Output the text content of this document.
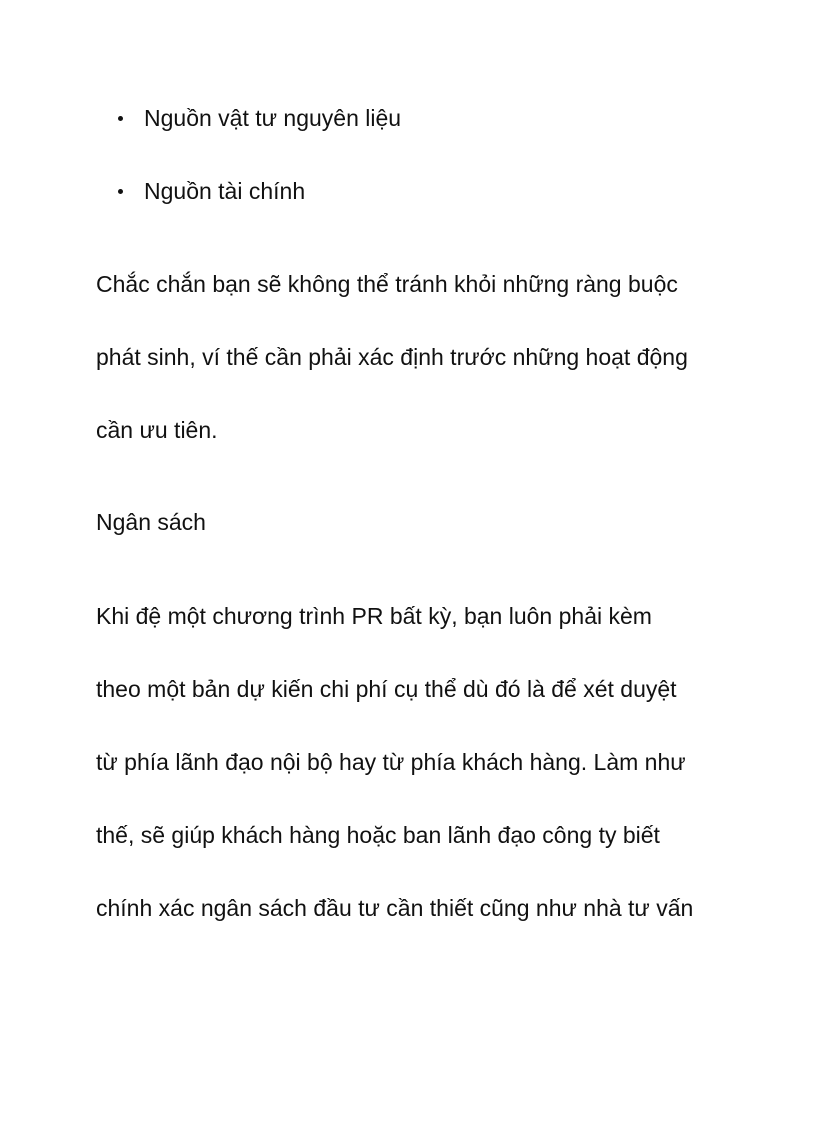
Nguồn vật tư nguyên liệu
Nguồn tài chính

Chắc chắn bạn sẽ không thể tránh khỏi những ràng buộc
phát sinh, ví thế cần phải xác định trước những hoạt động
cần ưu tiên.

Ngân sách

Khi đệ một chương trình PR bất kỳ, bạn luôn phải kèm
theo một bản dự kiến chi phí cụ thể dù đó là để xét duyệt
từ phía lãnh đạo nội bộ hay từ phía khách hàng. Làm như
thế, sẽ giúp khách hàng hoặc ban lãnh đạo công ty biết
chính xác ngân sách đầu tư cần thiết cũng như nhà tư vấn
